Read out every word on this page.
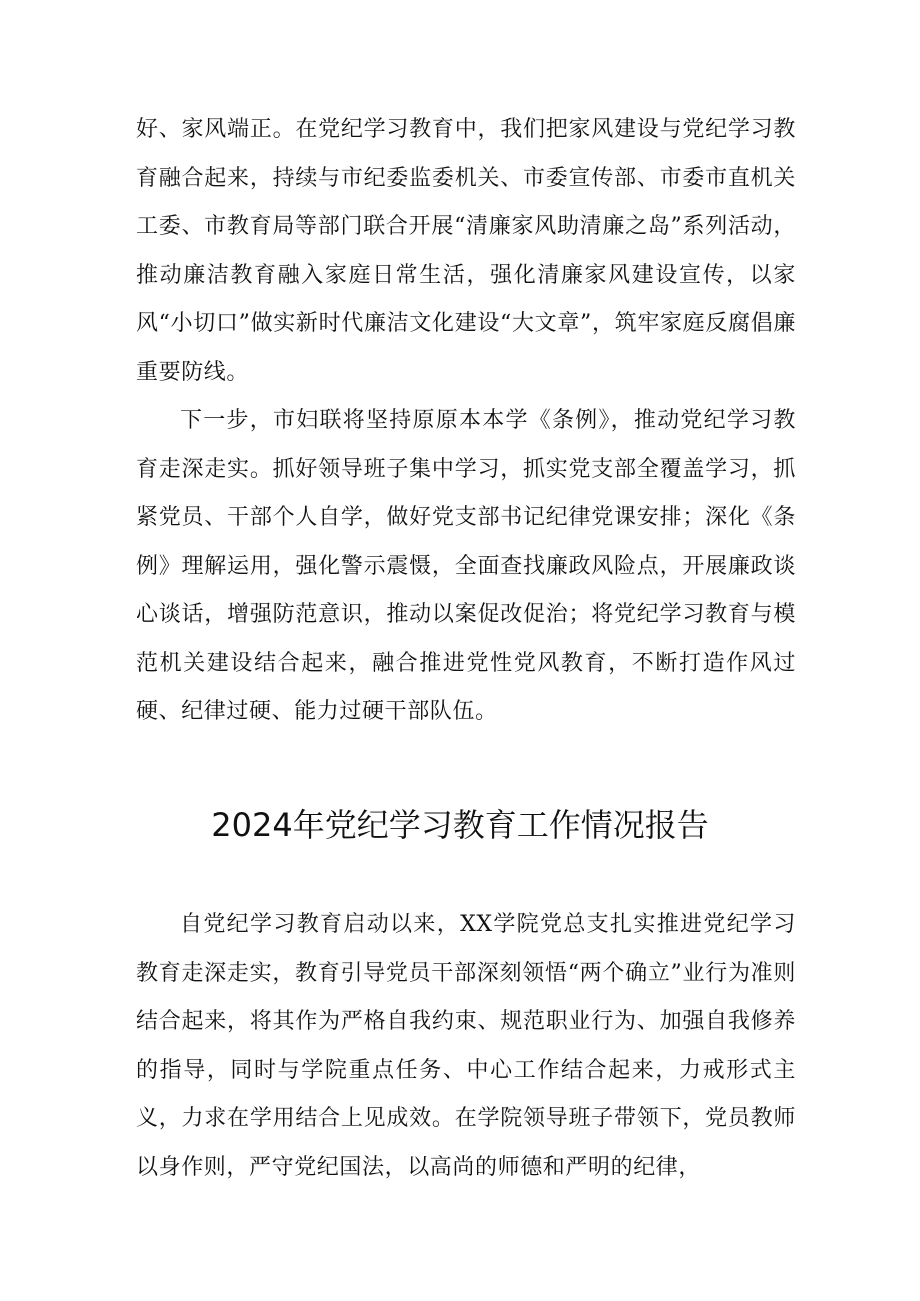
好、家风端正。在党纪学习教育中，我们把家风建设与党纪学习教育融合起来，持续与市纪委监委机关、市委宣传部、市委市直机关工委、市教育局等部门联合开展“清廉家风助清廉之岛”系列活动，推动廉洁教育融入家庭日常生活，强化清廉家风建设宣传，以家风“小切口”做实新时代廉洁文化建设“大文章”，筑牢家庭反腐倡廉重要防线。

下一步，市妇联将坚持原原本本学《条例》，推动党纪学习教育走深走实。抓好领导班子集中学习，抓实党支部全覆盖学习，抓紧党员、干部个人自学，做好党支部书记纪律党课安排；深化《条例》理解运用，强化警示震慑，全面查找廉政风险点，开展廉政谈心谈话，增强防范意识，推动以案促改促治；将党纪学习教育与模范机关建设结合起来，融合推进党性党风教育，不断打造作风过硬、纪律过硬、能力过硬干部队伍。

2024年党纪学习教育工作情况报告

自党纪学习教育启动以来，XX学院党总支扎实推进党纪学习教育走深走实，教育引导党员干部深刻领悟“两个确立”业行为准则结合起来，将其作为严格自我约束、规范职业行为、加强自我修养的指导，同时与学院重点任务、中心工作结合起来，力戒形式主义，力求在学用结合上见成效。在学院领导班子带领下，党员教师以身作则，严守党纪国法，以高尚的师德和严明的纪律，
